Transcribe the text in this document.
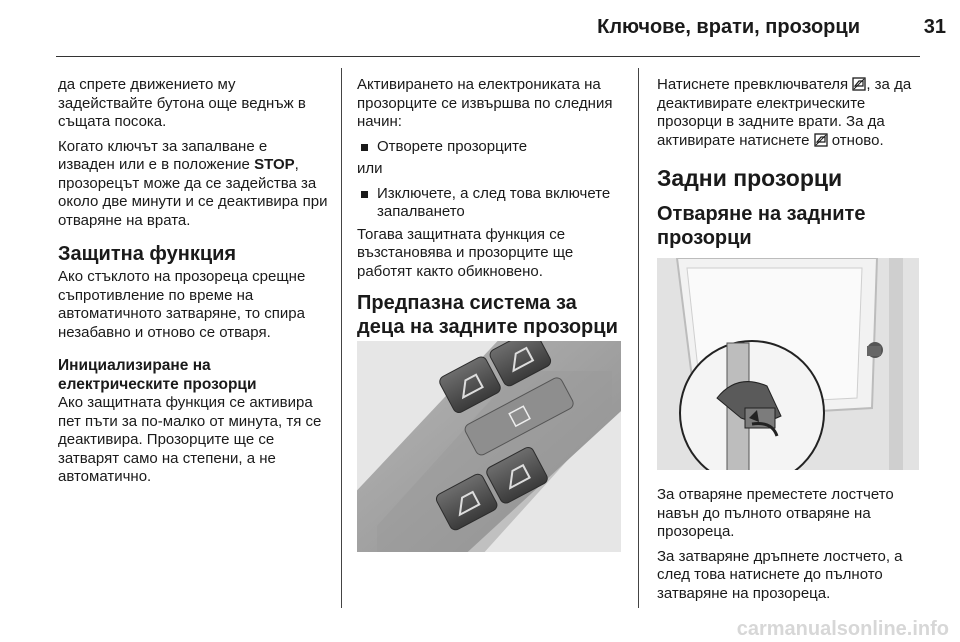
Ключове, врати, прозорци	31

да спрете движението му задействайте бутона още веднъж в същата посока.

Когато ключът за запалване е изваден или е в положение STOP, прозорецът може да се задейства за около две минути и се деактивира при отваряне на врата.

Защитна функция

Ако стъклото на прозореца срещне съпротивление по време на автоматичното затваряне, то спира незабавно и отново се отваря.

Инициализиране на електрическите прозорци

Ако защитната функция се активира пет пъти за по-малко от минута, тя се деактивира. Прозорците ще се затварят само на степени, а не автоматично.

Активирането на електрониката на прозорците се извършва по следния начин:

Отворете прозорците

или

Изключете, а след това включете запалването

Тогава защитната функция се възстановява и прозорците ще работят както обикновено.

Предпазна система за деца на задните прозорци

Натиснете превключвателя , за да деактивирате електрическите прозорци в задните врати. За да активирате натиснете  отново.

Задни прозорци
Отваряне на задните прозорци

За отваряне преместете лостчето навън до пълното отваряне на прозореца.

За затваряне дръпнете лостчето, а след това натиснете до пълното затваряне на прозореца.

carmanualsonline.info
